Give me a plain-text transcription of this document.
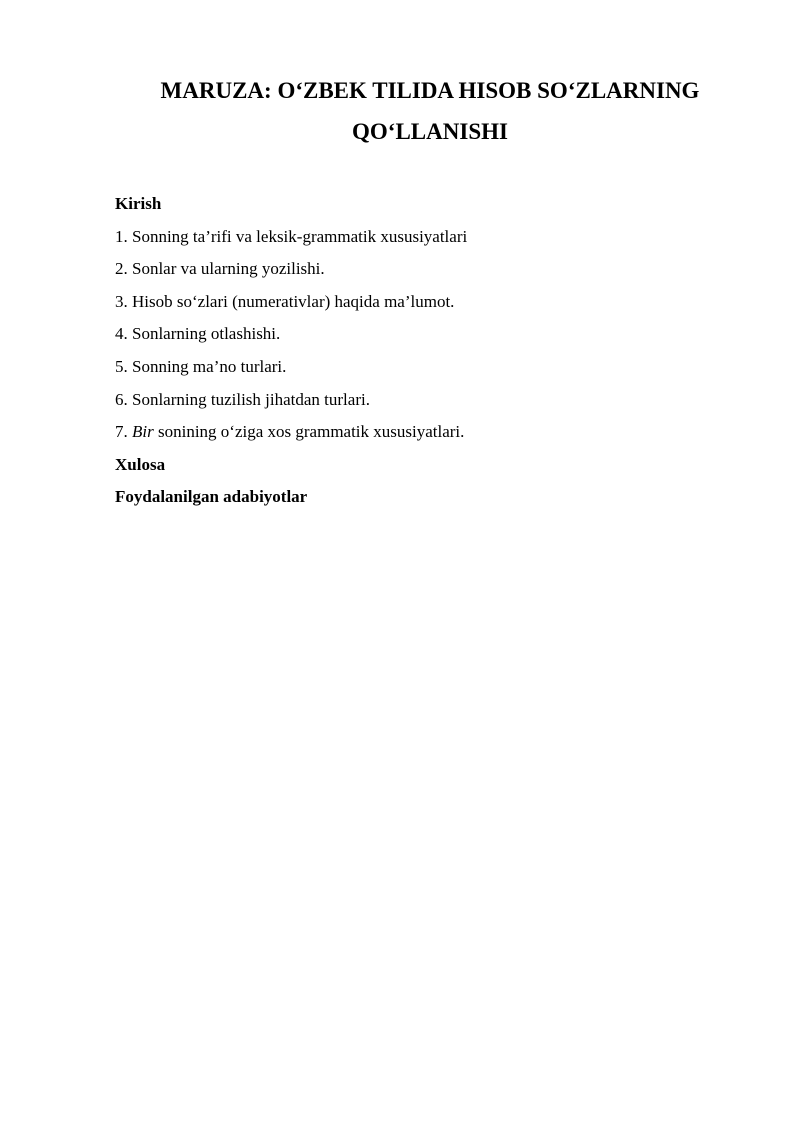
MARUZA: O‘ZBEK TILIDA HISOB SO‘ZLARNING
QO‘LLANISHI
Kirish
1. Sonning ta’rifi va leksik-grammatik xususiyatlari
2. Sonlar va ularning yozilishi.
3. Hisob so‘zlari (numerativlar) haqida ma’lumot.
4. Sonlarning otlashishi.
5. Sonning ma’no turlari.
6. Sonlarning tuzilish jihatdan turlari.
7. Bir sonining o‘ziga xos grammatik xususiyatlari.
Xulosa
Foydalanilgan adabiyotlar
